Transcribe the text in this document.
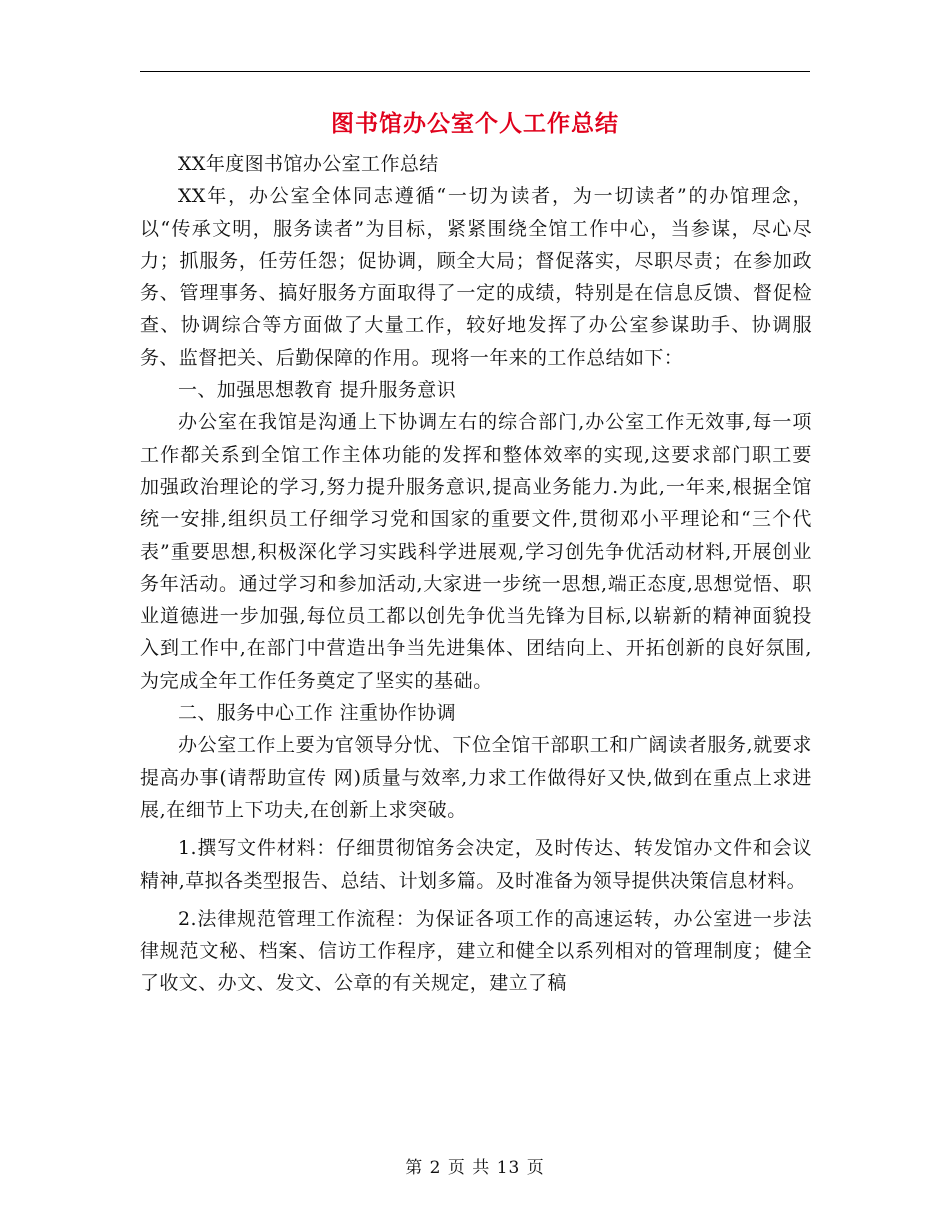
图书馆办公室个人工作总结

XX年度图书馆办公室工作总结

XX年，办公室全体同志遵循“一切为读者，为一切读者”的办馆理念，以“传承文明，服务读者”为目标，紧紧围绕全馆工作中心，当参谋，尽心尽力；抓服务，任劳任怨；促协调，顾全大局；督促落实，尽职尽责；在参加政务、管理事务、搞好服务方面取得了一定的成绩，特别是在信息反馈、督促检查、协调综合等方面做了大量工作，较好地发挥了办公室参谋助手、协调服务、监督把关、后勤保障的作用。现将一年来的工作总结如下：

一、加强思想教育 提升服务意识

办公室在我馆是沟通上下协调左右的综合部门,办公室工作无效事,每一项工作都关系到全馆工作主体功能的发挥和整体效率的实现,这要求部门职工要加强政治理论的学习,努力提升服务意识,提高业务能力.为此,一年来,根据全馆统一安排,组织员工仔细学习党和国家的重要文件,贯彻邓小平理论和“三个代表”重要思想,积极深化学习实践科学进展观,学习创先争优活动材料,开展创业务年活动。通过学习和参加活动,大家进一步统一思想,端正态度,思想觉悟、职业道德进一步加强,每位员工都以创先争优当先锋为目标,以崭新的精神面貌投入到工作中,在部门中营造出争当先进集体、团结向上、开拓创新的良好氛围,为完成全年工作任务奠定了坚实的基础。

二、服务中心工作 注重协作协调

办公室工作上要为官领导分忧、下位全馆干部职工和广阔读者服务,就要求提高办事(请帮助宣传 网)质量与效率,力求工作做得好又快,做到在重点上求进展,在细节上下功夫,在创新上求突破。

1.撰写文件材料：仔细贯彻馆务会决定，及时传达、转发馆办文件和会议精神,草拟各类型报告、总结、计划多篇。及时准备为领导提供决策信息材料。

2.法律规范管理工作流程：为保证各项工作的高速运转，办公室进一步法律规范文秘、档案、信访工作程序，建立和健全以系列相对的管理制度；健全了收文、办文、发文、公章的有关规定，建立了稿

第 2 页 共 13 页
